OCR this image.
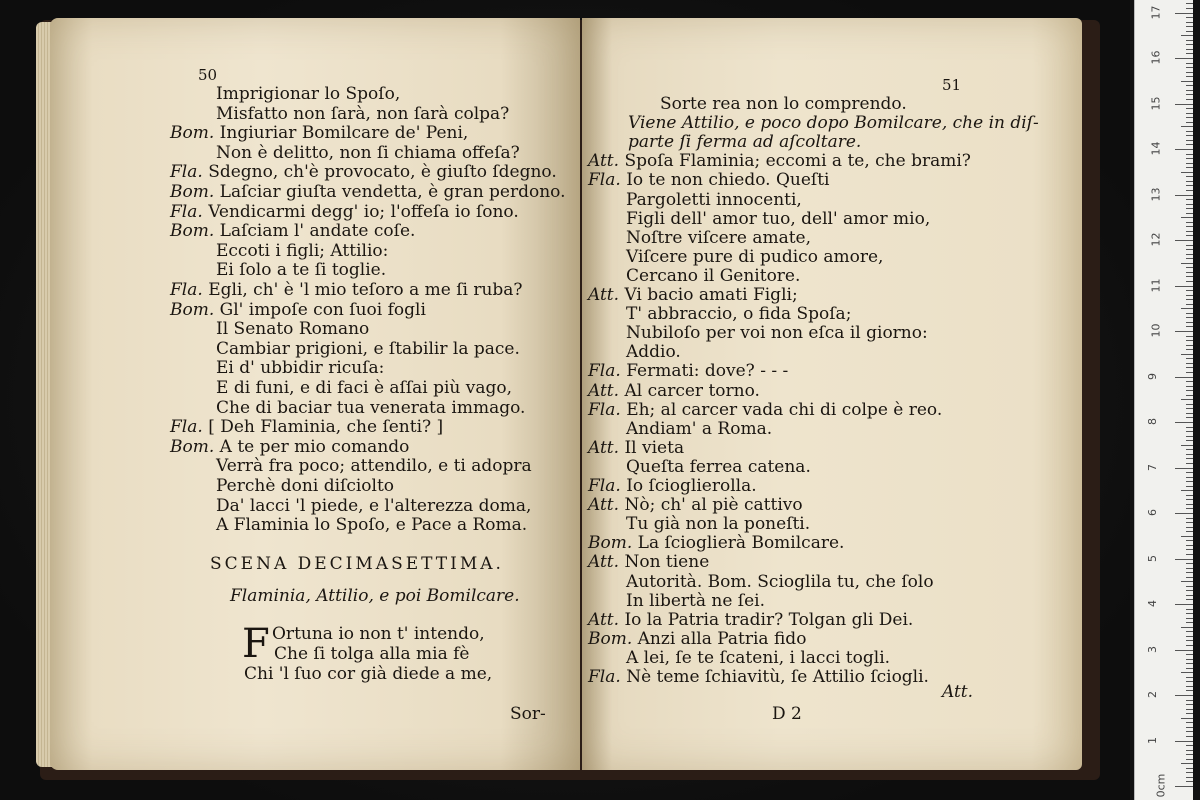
50
Imprigionar lo Spoſo,
Misfatto non ſarà, non ſarà colpa?
Bom. Ingiuriar Bomilcare de' Peni,
Non è delitto, non ſi chiama offeſa?
Fla. Sdegno, ch'è provocato, è giuſto ſdegno.
Bom. Laſciar giuſta vendetta, è gran perdono.
Fla. Vendicarmi degg' io; l'offeſa io ſono.
Bom. Laſciam l' andate coſe.
Eccoti i figli; Attilio:
Ei ſolo a te ſi toglie.
Fla. Egli, ch' è 'l mio teſoro a me ſi ruba?
Bom. Gl' impoſe con ſuoi fogli
Il Senato Romano
Cambiar prigioni, e ſtabilir la pace.
Ei d' ubbidir ricuſa:
E di funi, e di faci è aſſai più vago,
Che di baciar tua venerata immago.
Fla. [ Deh Flaminia, che ſenti? ]
Bom. A te per mio comando
Verrà fra poco; attendilo, e ti adopra
Perchè doni diſciolto
Da' lacci 'l piede, e l'alterezza doma,
A Flaminia lo Spoſo, e Pace a Roma.
SCENA DECIMASETTIMA.
Flaminia, Attilio, e poi Bomilcare.
F Ortuna io non t' intendo,
Che ſi tolga alla mia fè
Chi 'l ſuo cor già diede a me,
Sor-
51
Sorte rea non lo comprendo.
Viene Attilio, e poco dopo Bomilcare, che in diſ-
parte ſi ferma ad aſcoltare.
Att. Spoſa Flaminia; eccomi a te, che brami?
Fla. Io te non chiedo. Queſti
Pargoletti innocenti,
Figli dell' amor tuo, dell' amor mio,
Noſtre viſcere amate,
Viſcere pure di pudico amore,
Cercano il Genitore.
Att. Vi bacio amati Figli;
T' abbraccio, o fida Spoſa;
Nubiloſo per voi non eſca il giorno:
Addio.
Fla. Fermati: dove? - - -
Att. Al carcer torno.
Fla. Eh; al carcer vada chi di colpe è reo.
Andiam' a Roma.
Att. Il vieta
Queſta ferrea catena.
Fla. Io ſcioglierolla.
Att. Nò; ch' al piè cattivo
Tu già non la poneſti.
Bom. La ſcioglierà Bomilcare.
Att. Non tiene
Autorità. Bom. Scioglila tu, che ſolo
In libertà ne ſei.
Att. Io la Patria tradir? Tolgan gli Dei.
Bom. Anzi alla Patria fido
A lei, ſe te ſcateni, i lacci togli.
Fla. Nè teme ſchiavitù, ſe Attilio ſciogli.
D 2
Att.
0cm
1
2
3
4
5
6
7
8
9
10
11
12
13
14
15
16
17
